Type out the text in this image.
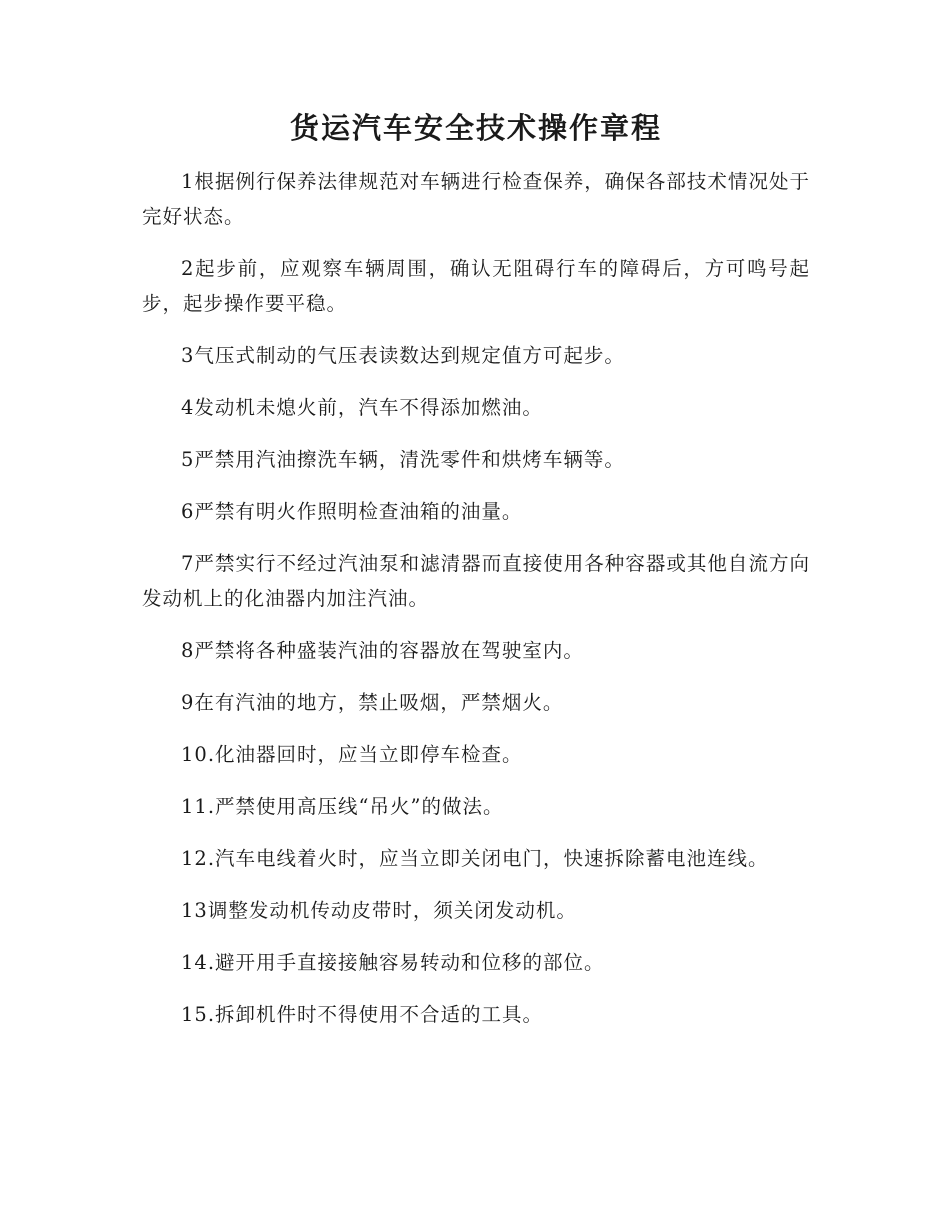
货运汽车安全技术操作章程

1根据例行保养法律规范对车辆进行检查保养，确保各部技术情况处于完好状态。

2起步前，应观察车辆周围，确认无阻碍行车的障碍后，方可鸣号起步，起步操作要平稳。

3气压式制动的气压表读数达到规定值方可起步。

4发动机未熄火前，汽车不得添加燃油。

5严禁用汽油擦洗车辆，清洗零件和烘烤车辆等。

6严禁有明火作照明检查油箱的油量。

7严禁实行不经过汽油泵和滤清器而直接使用各种容器或其他自流方向发动机上的化油器内加注汽油。

8严禁将各种盛装汽油的容器放在驾驶室内。

9在有汽油的地方，禁止吸烟，严禁烟火。

10.化油器回时，应当立即停车检查。

11.严禁使用高压线“吊火”的做法。

12.汽车电线着火时，应当立即关闭电门，快速拆除蓄电池连线。

13调整发动机传动皮带时，须关闭发动机。

14.避开用手直接接触容易转动和位移的部位。

15.拆卸机件时不得使用不合适的工具。
